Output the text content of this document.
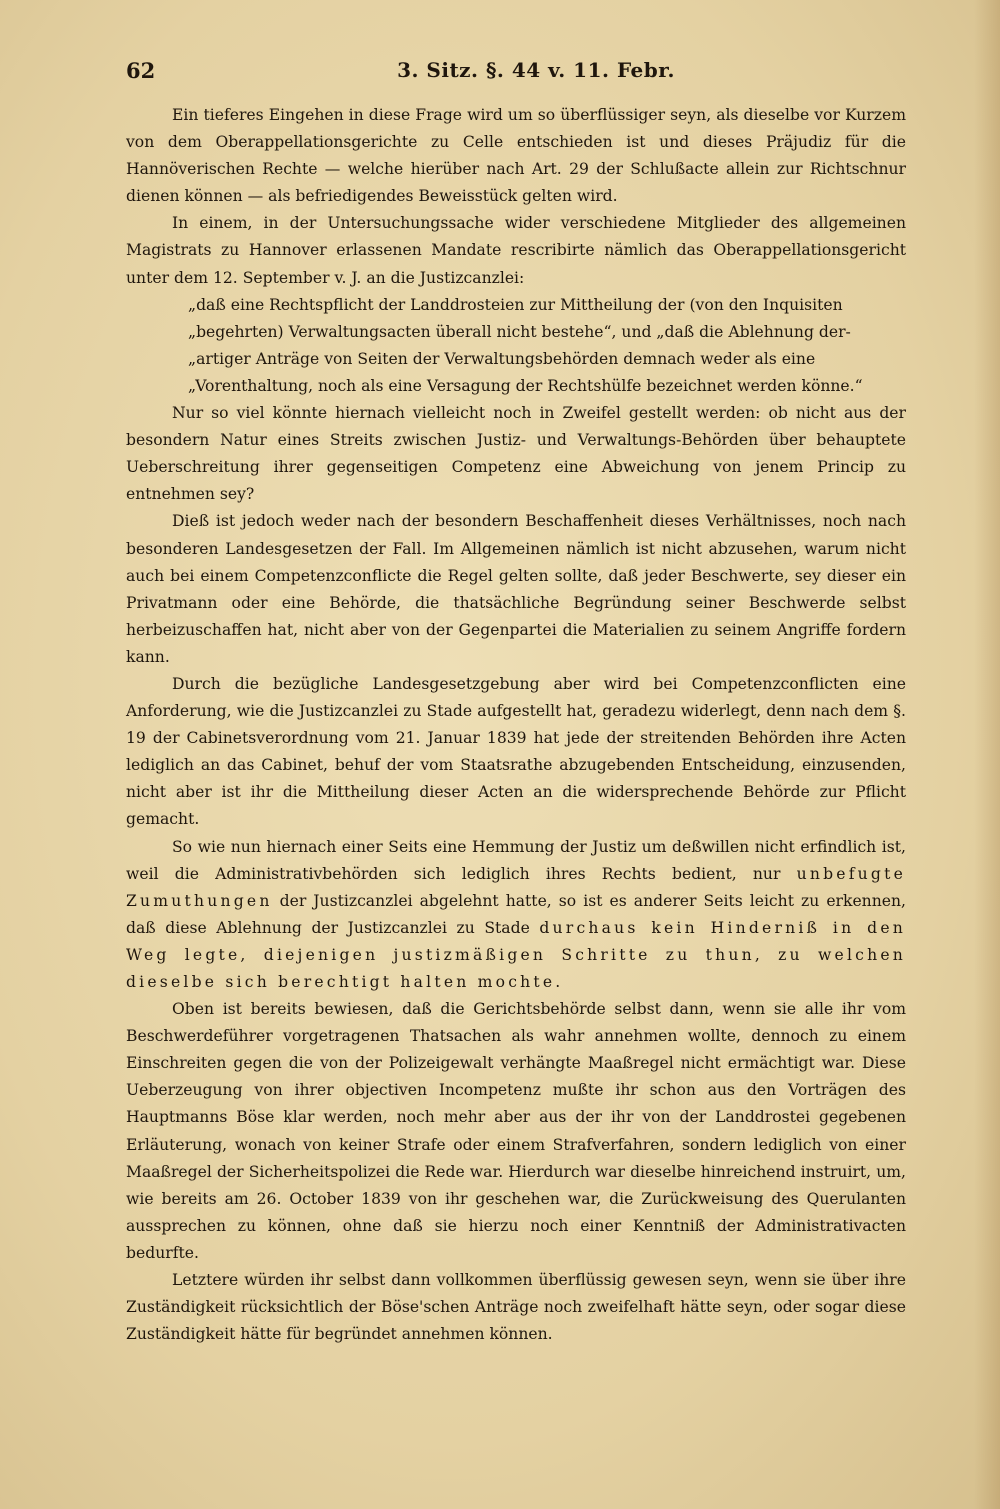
62	3. Sitz. §. 44 v. 11. Febr.

Ein tieferes Eingehen in diese Frage wird um so überflüssiger seyn, als dieselbe vor Kurzem von dem Oberappellationsgerichte zu Celle entschieden ist und dieses Präjudiz für die Hannöverischen Rechte — welche hierüber nach Art. 29 der Schlußacte allein zur Richtschnur dienen können — als befriedigendes Beweisstück gelten wird.

In einem, in der Untersuchungssache wider verschiedene Mitglieder des allgemeinen Magistrats zu Hannover erlassenen Mandate rescribirte nämlich das Oberappellationsgericht unter dem 12. September v. J. an die Justizcanzlei:

„daß eine Rechtspflicht der Landdrosteien zur Mittheilung der (von den Inquisiten
„begehrten) Verwaltungsacten überall nicht bestehe“, und „daß die Ablehnung der-
„artiger Anträge von Seiten der Verwaltungsbehörden demnach weder als eine
„Vorenthaltung, noch als eine Versagung der Rechtshülfe bezeichnet werden könne.“

Nur so viel könnte hiernach vielleicht noch in Zweifel gestellt werden: ob nicht aus der besondern Natur eines Streits zwischen Justiz- und Verwaltungs-Behörden über behauptete Ueberschreitung ihrer gegenseitigen Competenz eine Abweichung von jenem Princip zu entnehmen sey?

Dieß ist jedoch weder nach der besondern Beschaffenheit dieses Verhältnisses, noch nach besonderen Landesgesetzen der Fall. Im Allgemeinen nämlich ist nicht abzusehen, warum nicht auch bei einem Competenzconflicte die Regel gelten sollte, daß jeder Beschwerte, sey dieser ein Privatmann oder eine Behörde, die thatsächliche Begründung seiner Beschwerde selbst herbeizuschaffen hat, nicht aber von der Gegenpartei die Materialien zu seinem Angriffe fordern kann.

Durch die bezügliche Landesgesetzgebung aber wird bei Competenzconflicten eine Anforderung, wie die Justizcanzlei zu Stade aufgestellt hat, geradezu widerlegt, denn nach dem §. 19 der Cabinetsverordnung vom 21. Januar 1839 hat jede der streitenden Behörden ihre Acten lediglich an das Cabinet, behuf der vom Staatsrathe abzugebenden Entscheidung, einzusenden, nicht aber ist ihr die Mittheilung dieser Acten an die widersprechende Behörde zur Pflicht gemacht.

So wie nun hiernach einer Seits eine Hemmung der Justiz um deßwillen nicht erfindlich ist, weil die Administrativbehörden sich lediglich ihres Rechts bedient, nur unbefugte Zumuthungen der Justizcanzlei abgelehnt hatte, so ist es anderer Seits leicht zu erkennen, daß diese Ablehnung der Justizcanzlei zu Stade durchaus kein Hinderniß in den Weg legte, diejenigen justizmäßigen Schritte zu thun, zu welchen dieselbe sich berechtigt halten mochte.

Oben ist bereits bewiesen, daß die Gerichtsbehörde selbst dann, wenn sie alle ihr vom Beschwerdeführer vorgetragenen Thatsachen als wahr annehmen wollte, dennoch zu einem Einschreiten gegen die von der Polizeigewalt verhängte Maaßregel nicht ermächtigt war. Diese Ueberzeugung von ihrer objectiven Incompetenz mußte ihr schon aus den Vorträgen des Hauptmanns Böse klar werden, noch mehr aber aus der ihr von der Landdrostei gegebenen Erläuterung, wonach von keiner Strafe oder einem Strafverfahren, sondern lediglich von einer Maaßregel der Sicherheitspolizei die Rede war. Hierdurch war dieselbe hinreichend instruirt, um, wie bereits am 26. October 1839 von ihr geschehen war, die Zurückweisung des Querulanten aussprechen zu können, ohne daß sie hierzu noch einer Kenntniß der Administrativacten bedurfte.

Letztere würden ihr selbst dann vollkommen überflüssig gewesen seyn, wenn sie über ihre Zuständigkeit rücksichtlich der Böse'schen Anträge noch zweifelhaft hätte seyn, oder sogar diese Zuständigkeit hätte für begründet annehmen können.
